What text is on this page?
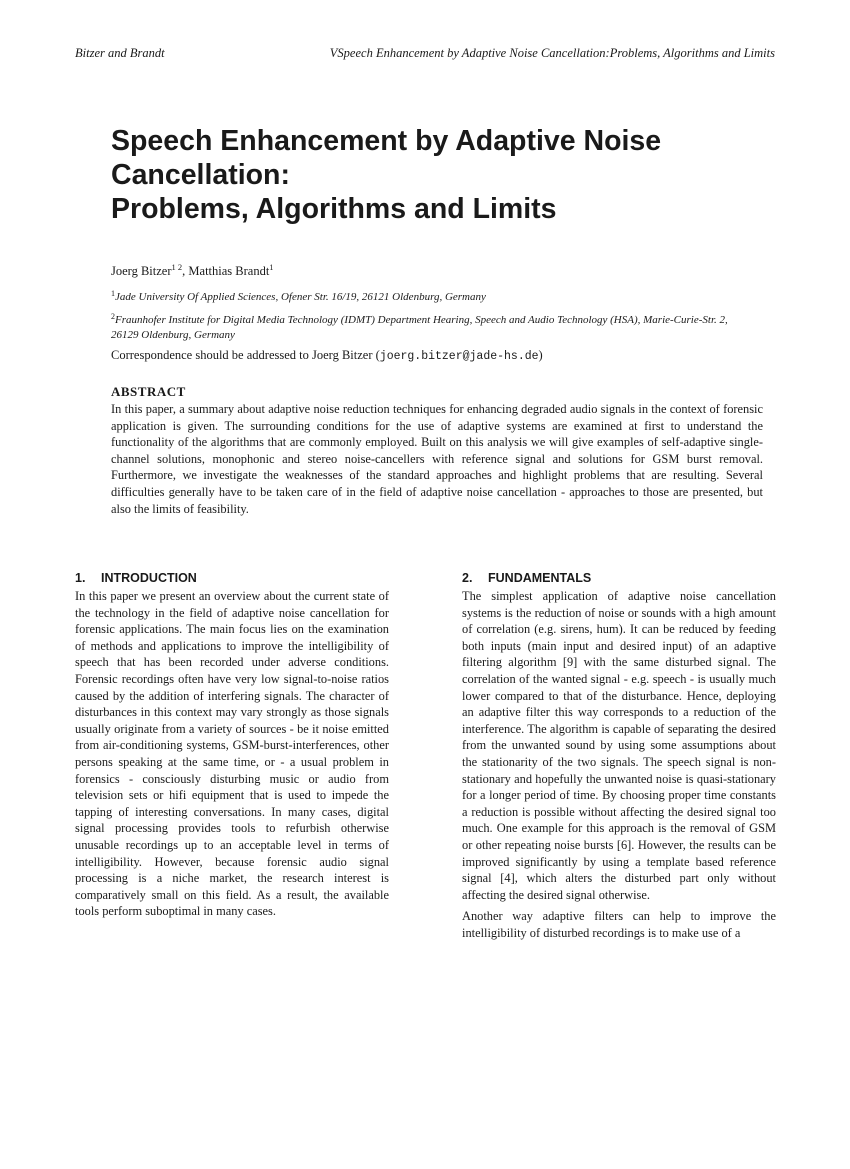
Bitzer and Brandt	VSpeech Enhancement by Adaptive Noise Cancellation:Problems, Algorithms and Limits
Speech Enhancement by Adaptive Noise
Cancellation:
Problems, Algorithms and Limits
Joerg Bitzer$^{1 2}$, Matthias Brandt$^1$
$^1$Jade University Of Applied Sciences, Ofener Str. 16/19, 26121 Oldenburg, Germany
$^2$Fraunhofer Institute for Digital Media Technology (IDMT) Department Hearing, Speech and Audio Technology (HSA), Marie-Curie-Str. 2, 26129 Oldenburg, Germany
Correspondence should be addressed to Joerg Bitzer (joerg.bitzer@jade-hs.de)
ABSTRACT

In this paper, a summary about adaptive noise reduction techniques for enhancing degraded audio signals in the context of forensic application is given. The surrounding conditions for the use of adaptive systems are examined at first to understand the functionality of the algorithms that are commonly employed. Built on this analysis we will give examples of self-adaptive single-channel solutions, monophonic and stereo noise-cancellers with reference signal and solutions for GSM burst removal. Furthermore, we investigate the weaknesses of the standard approaches and highlight problems that are resulting. Several difficulties generally have to be taken care of in the field of adaptive noise cancellation - approaches to those are presented, but also the limits of feasibility.

1. INTRODUCTION

In this paper we present an overview about the current state of the technology in the field of adaptive noise cancellation for forensic applications. The main focus lies on the examination of methods and applications to improve the intelligibility of speech that has been recorded under adverse conditions. Forensic recordings often have very low signal-to-noise ratios caused by the addition of interfering signals. The character of disturbances in this context may vary strongly as those signals usually originate from a variety of sources - be it noise emitted from air-conditioning systems, GSM-burst-interferences, other persons speaking at the same time, or - a usual problem in forensics - consciously disturbing music or audio from television sets or hifi equipment that is used to impede the tapping of interesting conversations. In many cases, digital signal processing provides tools to refurbish otherwise unusable recordings up to an acceptable level in terms of intelligibility. However, because forensic audio signal processing is a niche market, the research interest is comparatively small on this field. As a result, the available tools perform suboptimal in many cases.

2. FUNDAMENTALS

The simplest application of adaptive noise cancellation systems is the reduction of noise or sounds with a high amount of correlation (e.g. sirens, hum). It can be reduced by feeding both inputs (main input and desired input) of an adaptive filtering algorithm [9] with the same disturbed signal. The correlation of the wanted signal - e.g. speech - is usually much lower compared to that of the disturbance. Hence, deploying an adaptive filter this way corresponds to a reduction of the interference. The algorithm is capable of separating the desired from the unwanted sound by using some assumptions about the stationarity of the two signals. The speech signal is non-stationary and hopefully the unwanted noise is quasi-stationary for a longer period of time. By choosing proper time constants a reduction is possible without affecting the desired signal too much. One example for this approach is the removal of GSM or other repeating noise bursts [6]. However, the results can be improved significantly by using a template based reference signal [4], which alters the disturbed part only without affecting the desired signal otherwise.

Another way adaptive filters can help to improve the intelligibility of disturbed recordings is to make use of a
